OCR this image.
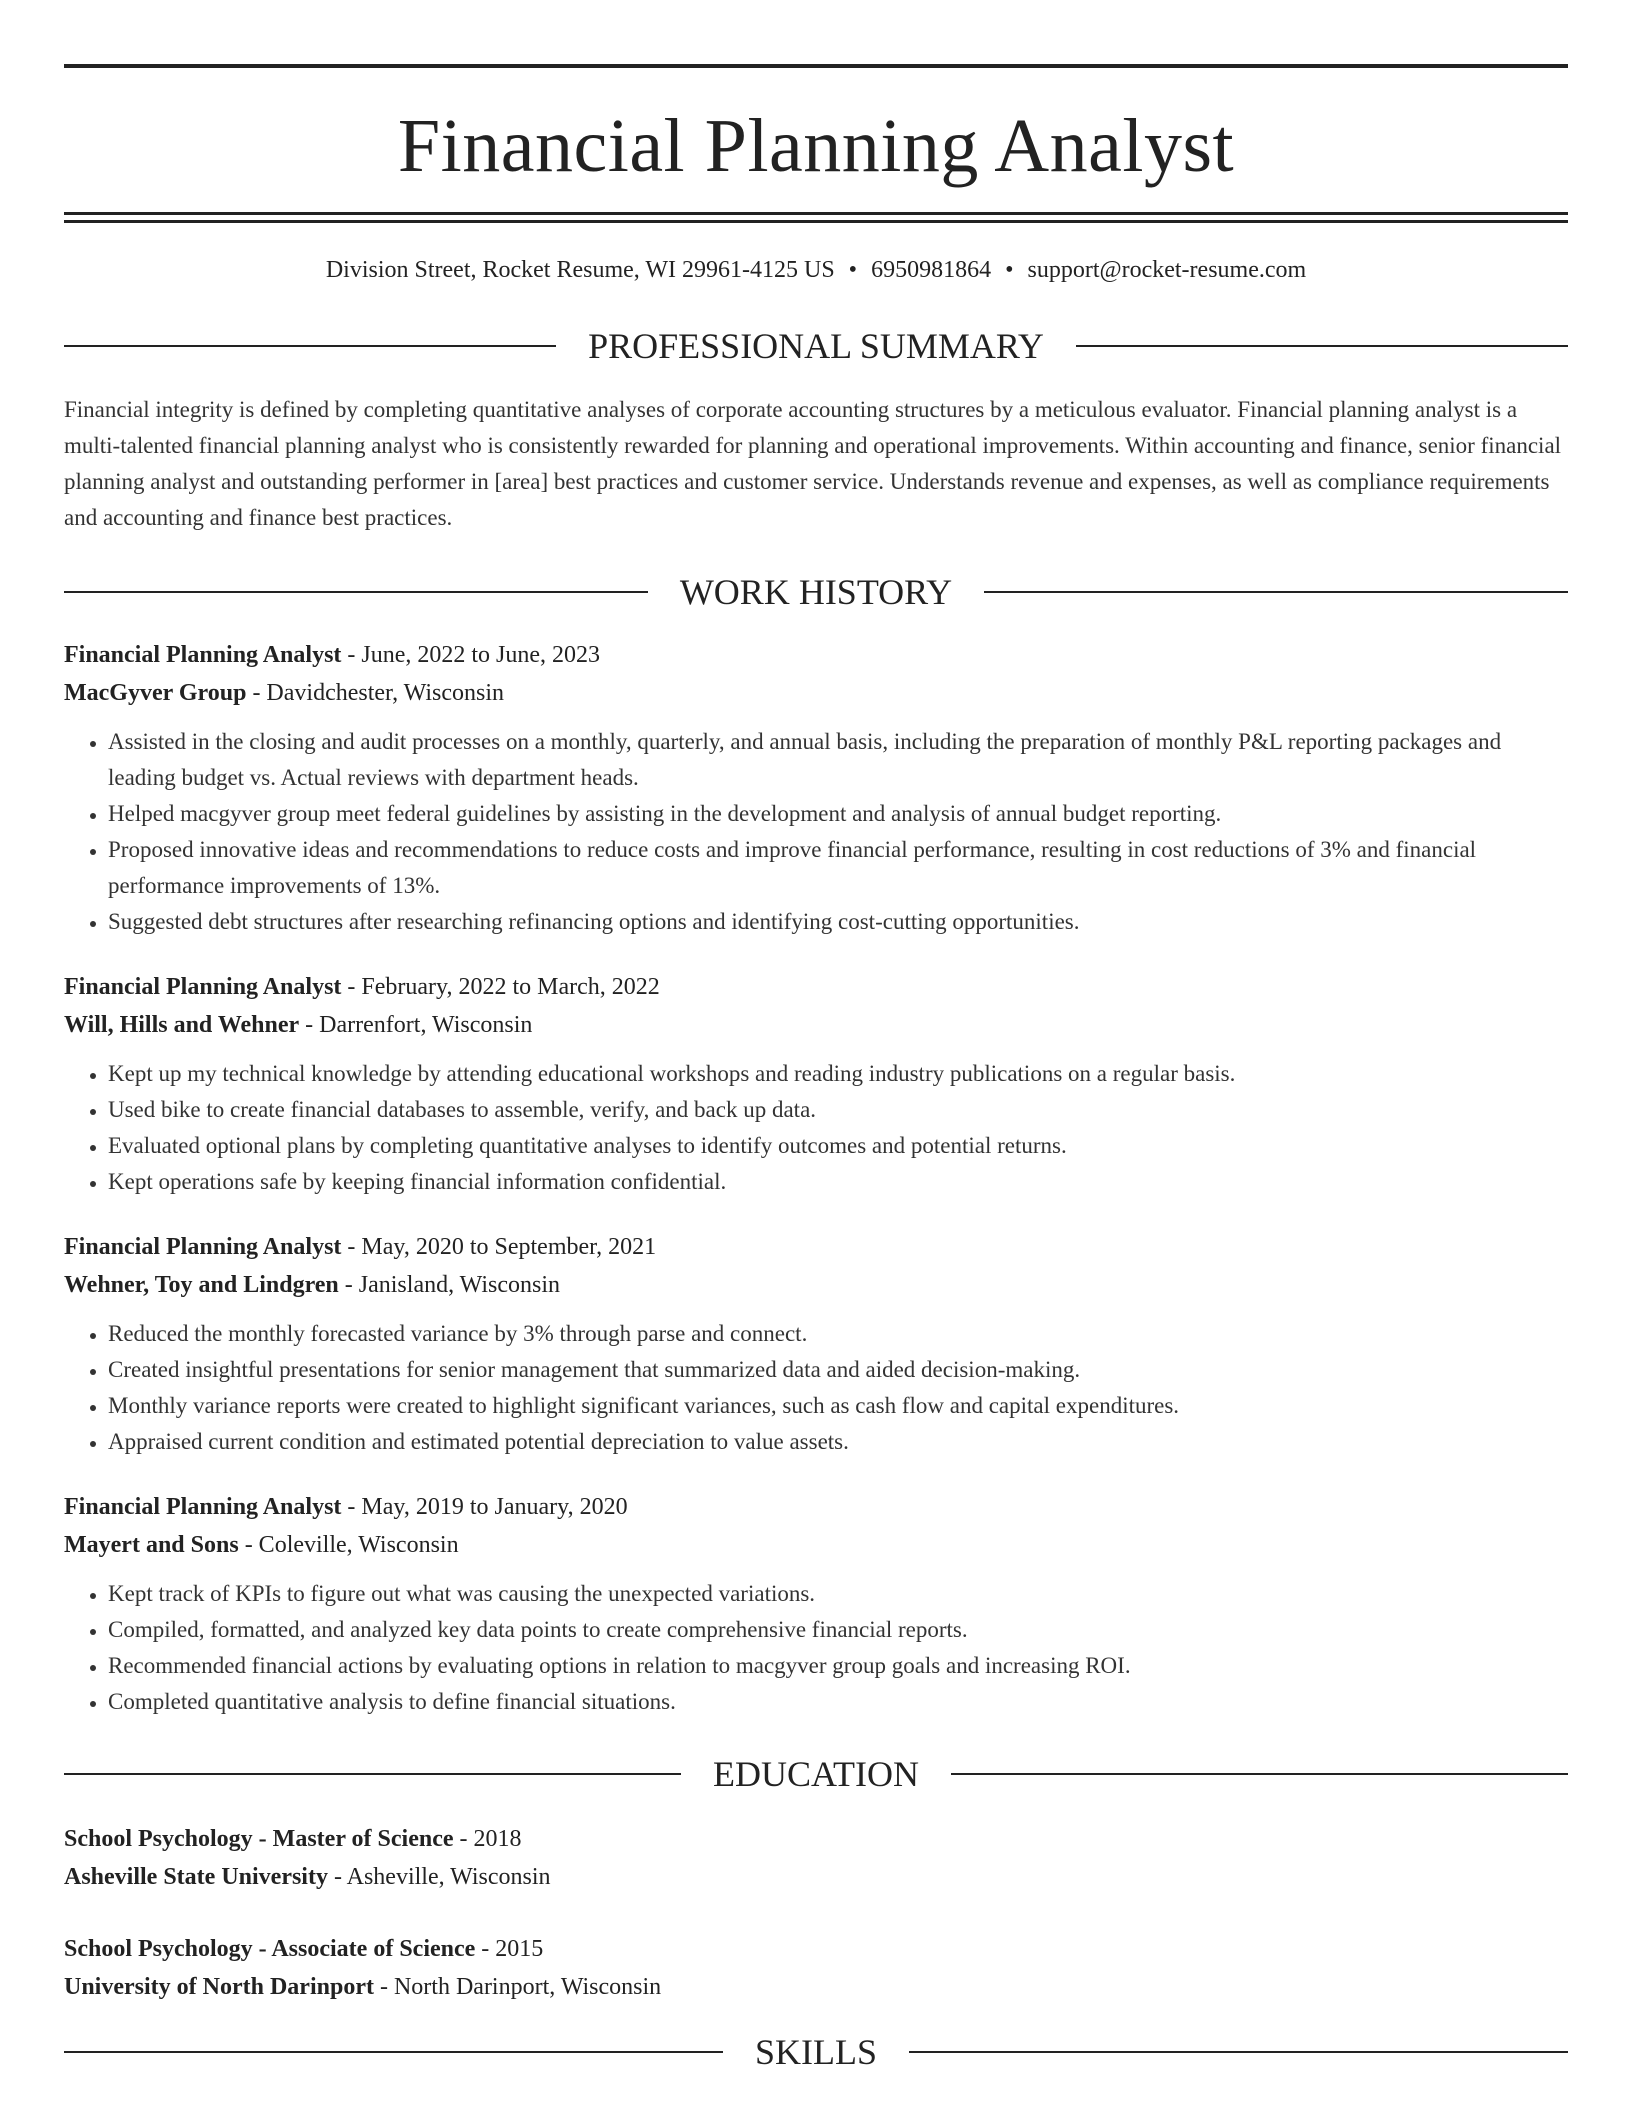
Financial Planning Analyst
Division Street, Rocket Resume, WI 29961-4125 US • 6950981864 • support@rocket-resume.com
PROFESSIONAL SUMMARY
Financial integrity is defined by completing quantitative analyses of corporate accounting structures by a meticulous evaluator. Financial planning analyst is a multi-talented financial planning analyst who is consistently rewarded for planning and operational improvements. Within accounting and finance, senior financial planning analyst and outstanding performer in [area] best practices and customer service. Understands revenue and expenses, as well as compliance requirements and accounting and finance best practices.
WORK HISTORY
Financial Planning Analyst - June, 2022 to June, 2023
MacGyver Group - Davidchester, Wisconsin
• Assisted in the closing and audit processes on a monthly, quarterly, and annual basis, including the preparation of monthly P&L reporting packages and leading budget vs. Actual reviews with department heads.
• Helped macgyver group meet federal guidelines by assisting in the development and analysis of annual budget reporting.
• Proposed innovative ideas and recommendations to reduce costs and improve financial performance, resulting in cost reductions of 3% and financial performance improvements of 13%.
• Suggested debt structures after researching refinancing options and identifying cost-cutting opportunities.
Financial Planning Analyst - February, 2022 to March, 2022
Will, Hills and Wehner - Darrenfort, Wisconsin
• Kept up my technical knowledge by attending educational workshops and reading industry publications on a regular basis.
• Used bike to create financial databases to assemble, verify, and back up data.
• Evaluated optional plans by completing quantitative analyses to identify outcomes and potential returns.
• Kept operations safe by keeping financial information confidential.
Financial Planning Analyst - May, 2020 to September, 2021
Wehner, Toy and Lindgren - Janisland, Wisconsin
• Reduced the monthly forecasted variance by 3% through parse and connect.
• Created insightful presentations for senior management that summarized data and aided decision-making.
• Monthly variance reports were created to highlight significant variances, such as cash flow and capital expenditures.
• Appraised current condition and estimated potential depreciation to value assets.
Financial Planning Analyst - May, 2019 to January, 2020
Mayert and Sons - Coleville, Wisconsin
• Kept track of KPIs to figure out what was causing the unexpected variations.
• Compiled, formatted, and analyzed key data points to create comprehensive financial reports.
• Recommended financial actions by evaluating options in relation to macgyver group goals and increasing ROI.
• Completed quantitative analysis to define financial situations.
EDUCATION
School Psychology - Master of Science - 2018
Asheville State University - Asheville, Wisconsin
School Psychology - Associate of Science - 2015
University of North Darinport - North Darinport, Wisconsin
SKILLS
